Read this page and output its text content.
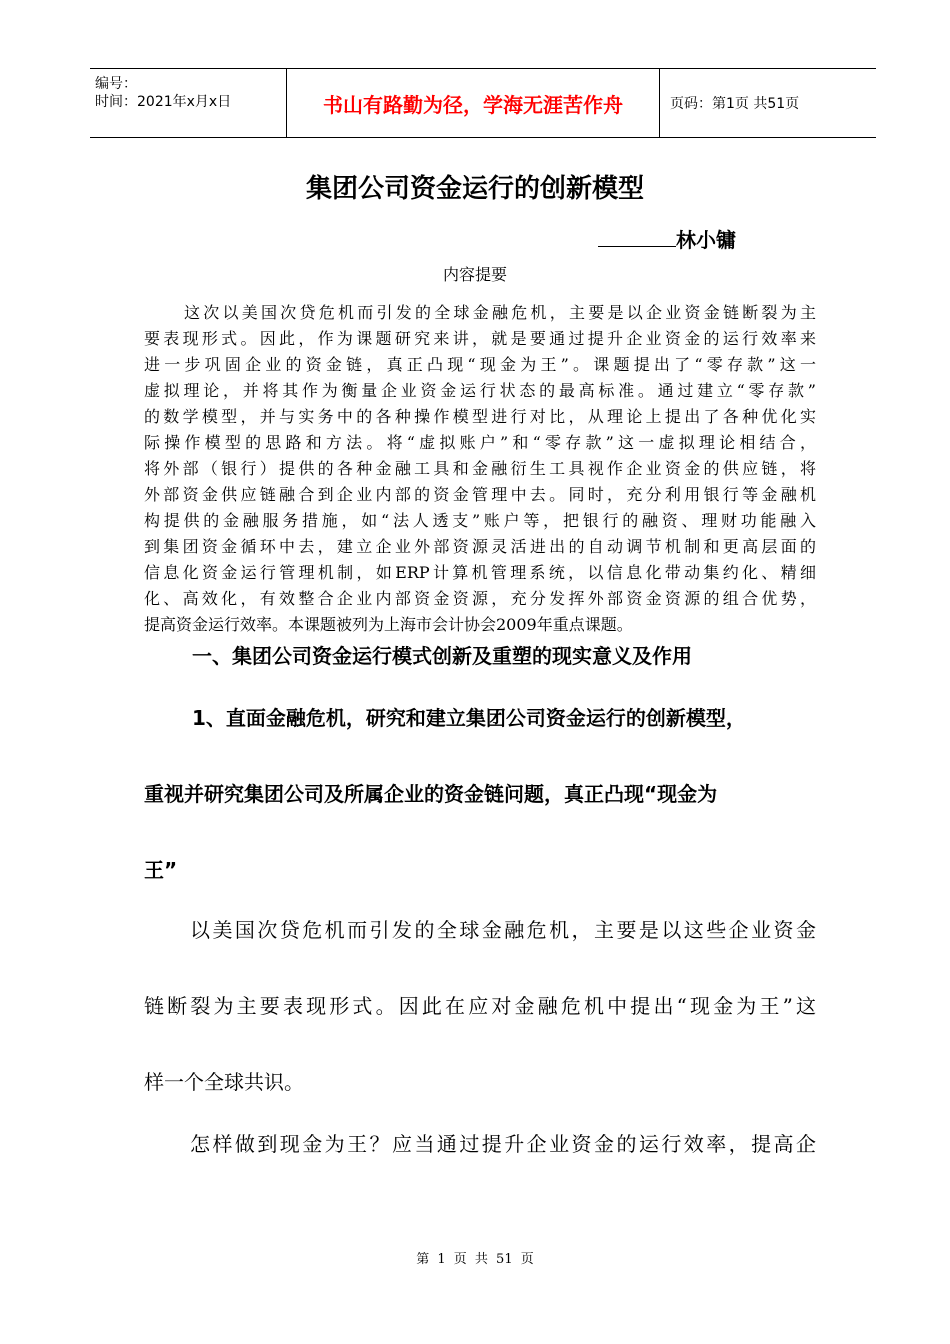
编号：
时间：2021年x月x日	书山有路勤为径，学海无涯苦作舟	页码：第1页 共51页
集团公司资金运行的创新模型
林小镛
内容提要
这次以美国次贷危机而引发的全球金融危机，主要是以企业资金链断裂为主
要表现形式。因此，作为课题研究来讲，就是要通过提升企业资金的运行效率来
进一步巩固企业的资金链，真正凸现“现金为王”。课题提出了“零存款”这一
虚拟理论，并将其作为衡量企业资金运行状态的最高标准。通过建立“零存款”
的数学模型，并与实务中的各种操作模型进行对比，从理论上提出了各种优化实
际操作模型的思路和方法。将“虚拟账户”和“零存款”这一虚拟理论相结合，
将外部（银行）提供的各种金融工具和金融衍生工具视作企业资金的供应链，将
外部资金供应链融合到企业内部的资金管理中去。同时，充分利用银行等金融机
构提供的金融服务措施，如“法人透支”账户等，把银行的融资、理财功能融入
到集团资金循环中去，建立企业外部资源灵活进出的自动调节机制和更高层面的
信息化资金运行管理机制，如ERP计算机管理系统，以信息化带动集约化、精细
化、高效化，有效整合企业内部资金资源，充分发挥外部资金资源的组合优势，
提高资金运行效率。本课题被列为上海市会计协会2009年重点课题。
一、集团公司资金运行模式创新及重塑的现实意义及作用
1、直面金融危机，研究和建立集团公司资金运行的创新模型，
重视并研究集团公司及所属企业的资金链问题，真正凸现“现金为
王”
以美国次贷危机而引发的全球金融危机，主要是以这些企业资金
链断裂为主要表现形式。因此在应对金融危机中提出“现金为王”这
样一个全球共识。
怎样做到现金为王？应当通过提升企业资金的运行效率，提高企
第 1 页 共 51 页
